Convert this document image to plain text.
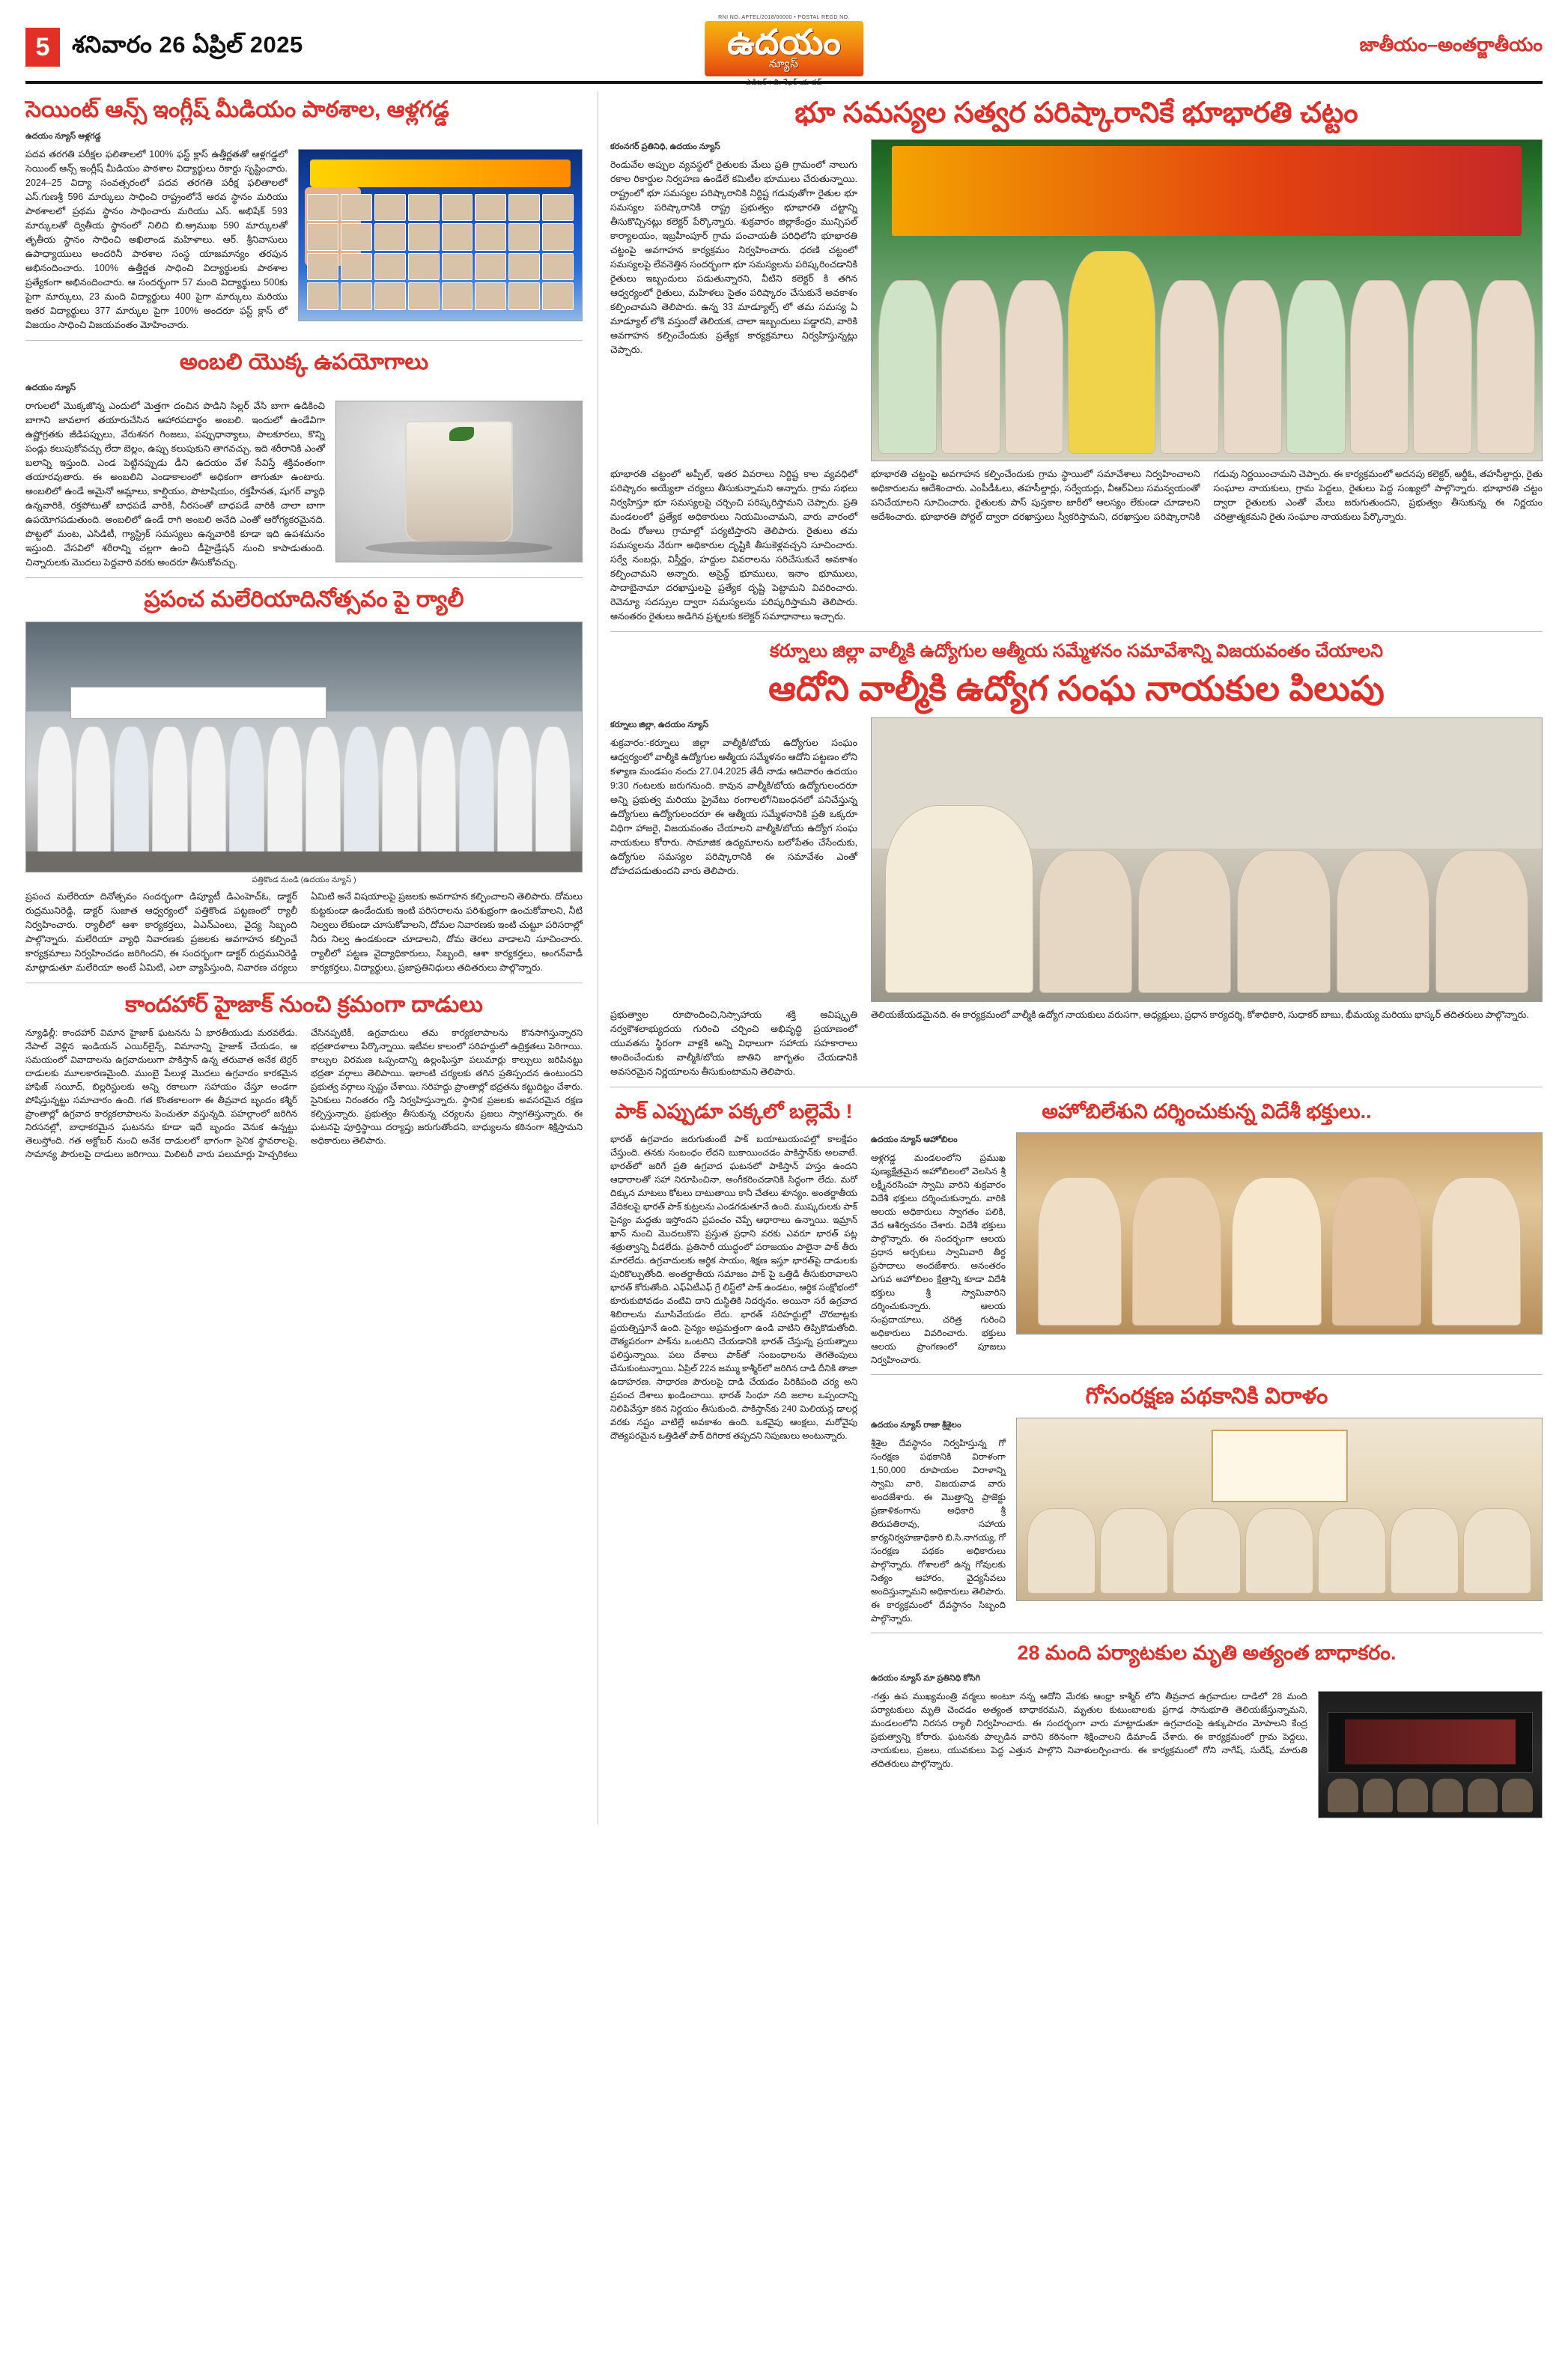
5 శనివారం 26 ఏప్రిల్ 2025
RNI NO. APTEL/2018/00000 • POSTAL REGD NO.
ఉదయం
న్యూస్
ఎడిటర్ : బి. శేఖర్ యాదవ్
జాతీయం–అంతర్జాతీయం
సెయింట్ ఆన్స్ ఇంగ్లీష్ మీడియం పాఠశాల, ఆళ్లగడ్డ
ఉదయం న్యూస్ ఆళ్లగడ్డ
పదవ తరగతి పరీక్షల ఫలితాలలో 100% ఫస్ట్ క్లాస్ ఉత్తీర్ణతతో ఆళ్లగడ్డలో సెయింట్ ఆన్స్ ఇంగ్లీష్ మీడియం పాఠశాల విద్యార్థులు రికార్డు సృష్టించారు. 2024–25 విద్యా సంవత్సరంలో పదవ తరగతి పరీక్ష ఫలితాలలో ఎస్.గుణశ్రీ 596 మార్కులు సాధించి రాష్ట్రంలోనే ఆరవ స్థానం మరియు పాఠశాలలో ప్రథమ స్థానం సాధించారు మరియు ఎస్. అభిషేక్ 593 మార్కులతో ద్వితీయ స్థానంలో నిలిచి బి.ఆ్రముఖ 590 మార్కులతో తృతీయ స్థానం సాధించి అఖిలాండ మహిళాలు. ఆర్. శ్రీనివాసులు ఉపాధ్యాయులు అందరినీ పాఠశాల సంస్థ యాజమాన్యం తరపున అభినందించారు. 100% ఉత్తీర్ణత సాధించి విద్యార్థులకు పాఠశాల ప్రత్యేకంగా అభినందించారు. ఆ సందర్భంగా 57 మంది విద్యార్థులు 500కు పైగా మార్కులు, 23 మంది విద్యార్థులు 400 పైగా మార్కులు మరియు ఇతర విద్యార్థులు 377 మార్కుల పైగా 100% అందరూ ఫస్ట్ క్లాస్ లో విజయం సాధించి విజయవంతం మోహించారు.
అంబలి యొక్క ఉపయోగాలు
ఉదయం న్యూస్
రాగులలో మొక్కజొన్న ఎందులో మెత్తగా దంచిన పొడిని సిల్లర్ వేసి బాగా ఉడికించి బాగాని జావలాగ తయారుచేసిన ఆహారపదార్థం అంబలి. ఇందులో ఉండేవిగా ఉష్ణోగ్రతకు జీడిపప్పులు, వేరుశనగ గింజలు, పప్పుధాన్యాలు, పాలకూరలు, కొన్ని పండ్లు కలుపుకోవచ్చు లేదా బెల్లం, ఉప్పు కలుపుకుని తాగవచ్చు. ఇది శరీరానికి ఎంతో బలాన్ని ఇస్తుంది. ఎండ పెట్టినప్పుడు డీని ఉదయం వేళ సేవిస్తే శక్తివంతంగా తయారవుతారు. ఈ అంబలిని ఎండాకాలంలో అధికంగా తాగుతూ ఉంటారు. అంబలిలో ఉండే అమైనో ఆమ్లాలు, కాల్షియం, పొటాషియం, రక్తహీనత, షుగర్ వ్యాధి ఉన్నవారికి, రక్తపోటుతో బాధపడే వారికి, నీరసంతో బాధపడే వారికి చాలా బాగా ఉపయోగపడుతుంది. అంబలిలో ఉండే రాగి అంబలి అనేది ఎంతో ఆరోగ్యకరమైనది. పొట్టలో మంట, ఎసిడిటీ, గ్యాస్ట్రిక్ సమస్యలు ఉన్నవారికి కూడా ఇది ఉపశమనం ఇస్తుంది. వేసవిలో శరీరాన్ని చల్లగా ఉంచి డీహైడ్రేషన్ నుంచి కాపాడుతుంది. చిన్నారులకు మొదలు పెద్దవారి వరకు అందరూ తీసుకోవచ్చు.
ప్రపంచ మలేరియాదినోత్సవం పై ర్యాలీ
పత్తికొండ నుండి (ఉదయం న్యూస్ )
ప్రపంచ మలేరియా దినోత్సవం సందర్భంగా డిప్యూటీ డిఎంహెచ్ఓ, డాక్టర్ రుద్రమునిరెడ్డి, డాక్టర్ సుజాత ఆధ్వర్యంలో పత్తికొండ పట్టణంలో ర్యాలీ నిర్వహించారు. ర్యాలీలో ఆశా కార్యకర్తలు, ఏఎన్ఎంలు, వైద్య సిబ్బంది పాల్గొన్నారు. మలేరియా వ్యాధి నివారణకు ప్రజలకు అవగాహన కల్పించే కార్యక్రమాలు నిర్వహించడం జరిగిందని, ఈ సందర్భంగా డాక్టర్ రుద్రమునిరెడ్డి మాట్లాడుతూ మలేరియా అంటే ఏమిటి, ఎలా వ్యాపిస్తుంది, నివారణ చర్యలు ఏమిటి అనే విషయాలపై ప్రజలకు అవగాహన కల్పించాలని తెలిపారు. దోమలు కుట్టకుండా ఉండేందుకు ఇంటి పరిసరాలను పరిశుభ్రంగా ఉంచుకోవాలని, నీటి నిల్వలు లేకుండా చూసుకోవాలని, దోమల నివారణకు ఇంటి చుట్టూ పరిసరాల్లో నీరు నిల్వ ఉండకుండా చూడాలని, దోమ తెరలు వాడాలని సూచించారు. ర్యాలీలో పట్టణ వైద్యాధికారులు, సిబ్బంది, ఆశా కార్యకర్తలు, అంగన్‌వాడీ కార్యకర్తలు, విద్యార్థులు, ప్రజాప్రతినిధులు తదితరులు పాల్గొన్నారు.
కాందహార్ హైజాక్ నుంచి క్రమంగా దాడులు
న్యూఢిల్లీ: కాందహార్ విమాన హైజాక్ ఘటనను ఏ భారతీయుడు మరవలేడు. నేపాల్ వెళ్లిన ఇండియన్ ఎయిర్‌లైన్స్, విమానాన్ని హైజాక్ చేయడం, ఆ సమయంలో వివాదాలను ఉగ్రవాదులుగా పాకిస్తాన్ ఉన్న తరువాత అనేక టెర్రర్ దాడులకు మూలకారణమైంది. ముంబై పేలుళ్ల మొదలు ఉగ్రవాదం కారకమైన హాఫిజ్ సయీద్, బిల్లరిస్టులకు అన్ని రకాలుగా సహాయం చేస్తూ అండగా పోషిస్తున్నట్టు సమాచారం ఉంది. గత కొంతకాలంగా ఈ తీవ్రవాద బృందం కశ్మీర్ ప్రాంతాల్లో ఉగ్రవాద కార్యకలాపాలను పెంచుతూ వస్తున్నది. పహల్గాంలో జరిగిన నిరసనల్లో, బాధాకరమైన ఘటనను కూడా ఇదే బృందం వెనుక ఉన్నట్టు తెలుస్తోంది. గత అక్టోబర్ నుంచి అనేక దాడులలో భాగంగా సైనిక స్థావరాలపై, సామాన్య పౌరులపై దాడులు జరిగాయి. మిలిటరీ వారు పలుమార్లు హెచ్చరికలు చేసినప్పటికీ, ఉగ్రవాదులు తమ కార్యకలాపాలను కొనసాగిస్తున్నారని భద్రతాదళాలు పేర్కొన్నాయి. ఇటీవల కాలంలో సరిహద్దులో ఉద్రిక్తతలు పెరిగాయి. కాల్పుల విరమణ ఒప్పందాన్ని ఉల్లంఘిస్తూ పలుమార్లు కాల్పులు జరిపినట్టు భద్రతా వర్గాలు తెలిపాయి. ఇలాంటి చర్యలకు తగిన ప్రతిస్పందన ఉంటుందని ప్రభుత్వ వర్గాలు స్పష్టం చేశాయి. సరిహద్దు ప్రాంతాల్లో భద్రతను కట్టుదిట్టం చేశారు. సైనికులు నిరంతరం గస్తీ నిర్వహిస్తున్నారు. స్థానిక ప్రజలకు అవసరమైన రక్షణ కల్పిస్తున్నారు. ప్రభుత్వం తీసుకున్న చర్యలను ప్రజలు స్వాగతిస్తున్నారు. ఈ ఘటనపై పూర్తిస్థాయి దర్యాప్తు జరుగుతోందని, బాధ్యులను కఠినంగా శిక్షిస్తామని అధికారులు తెలిపారు.
భూ సమస్యల సత్వర పరిష్కారానికే భూభారతి చట్టం
కరంనగర్ ప్రతినిధి, ఉదయం న్యూస్
రెండువేల అప్పుల వ్యవస్థలో రైతులకు మేలు ప్రతి గ్రామంలో నాలుగు రకాల రికార్డుల నిర్వహణ ఉండేలే కమిటీల భూములు చేరుతున్నాయి. రాష్ట్రంలో భూ సమస్యల పరిష్కారానికి నిర్దిష్ట గడువుతోగా రైతుల భూ సమస్యల పరిష్కారానికి రాష్ట్ర ప్రభుత్వం భూభారతి చట్టాన్ని తీసుకొచ్చినట్లు కలెక్టర్ పేర్కొన్నారు. శుక్రవారం జిల్లాకేంద్రం మున్సిపల్ కార్యాలయం, ఇబ్రహీంపూర్ గ్రామ పంచాయతీ పరిధిలోని భూభారతి చట్టంపై అవగాహన కార్యక్రమం నిర్వహించారు. ధరణి చట్టంలో సమస్యలపై లేవనెత్తిన సందర్భంగా భూ సమస్యలను పరిష్కరించడానికి రైతులు ఇబ్బందులు పడుతున్నారని, వీటిని కలెక్టర్ కి తగిన ఆధ్వర్యంలో రైతులు, మహిళలు సైతం పరిష్కారం చేసుకునే అవకాశం కల్పించామని తెలిపారు. ఉన్న 33 మాడ్యూల్స్ లో తమ సమస్య ఏ మాడ్యూల్ లోకి వస్తుందో తెలియక, చాలా ఇబ్బందులు పడ్డారని, వారికి అవగాహన కల్పించేందుకు ప్రత్యేక కార్యక్రమాలు నిర్వహిస్తున్నట్లు చెప్పారు.
భూభారతి చట్టంలో అప్పీల్, ఇతర వివరాలు నిర్దిష్ట కాల వ్యవధిలో పరిష్కారం అయ్యేలా చర్యలు తీసుకున్నామని అన్నారు. గ్రామ సభలు నిర్వహిస్తూ భూ సమస్యలపై చర్చించి పరిష్కరిస్తామని చెప్పారు. ప్రతి మండలంలో ప్రత్యేక అధికారులు నియమించామని, వారు వారంలో రెండు రోజులు గ్రామాల్లో పర్యటిస్తారని తెలిపారు. రైతులు తమ సమస్యలను నేరుగా అధికారుల దృష్టికి తీసుకెళ్లవచ్చని సూచించారు. సర్వే నంబర్లు, విస్తీర్ణం, హద్దుల వివరాలను సరిచేసుకునే అవకాశం కల్పించామని అన్నారు. అసైన్డ్ భూములు, ఇనాం భూములు, సాదాబైనామా దరఖాస్తులపై ప్రత్యేక దృష్టి పెట్టామని వివరించారు. రెవెన్యూ సదస్సుల ద్వారా సమస్యలను పరిష్కరిస్తామని తెలిపారు. అనంతరం రైతులు అడిగిన ప్రశ్నలకు కలెక్టర్ సమాధానాలు ఇచ్చారు.
భూభారతి చట్టంపై అవగాహన కల్పించేందుకు గ్రామ స్థాయిలో సమావేశాలు నిర్వహించాలని అధికారులను ఆదేశించారు. ఎంపీడీఓలు, తహసీల్దార్లు, సర్వేయర్లు, వీఆర్ఏలు సమన్వయంతో పనిచేయాలని సూచించారు. రైతులకు పాస్ పుస్తకాల జారీలో ఆలస్యం లేకుండా చూడాలని ఆదేశించారు. భూభారతి పోర్టల్ ద్వారా దరఖాస్తులు స్వీకరిస్తామని, దరఖాస్తుల పరిష్కారానికి గడువు నిర్ణయించామని చెప్పారు. ఈ కార్యక్రమంలో అదనపు కలెక్టర్, ఆర్డీఓ, తహసీల్దార్లు, రైతు సంఘాల నాయకులు, గ్రామ పెద్దలు, రైతులు పెద్ద సంఖ్యలో పాల్గొన్నారు. భూభారతి చట్టం ద్వారా రైతులకు ఎంతో మేలు జరుగుతుందని, ప్రభుత్వం తీసుకున్న ఈ నిర్ణయం చరిత్రాత్మకమని రైతు సంఘాల నాయకులు పేర్కొన్నారు.
కర్నూలు జిల్లా వాల్మీకి ఉద్యోగుల ఆత్మీయ సమ్మేళనం సమావేశాన్ని విజయవంతం చేయాలని
ఆదోని వాల్మీకి ఉద్యోగ సంఘ నాయకుల పిలుపు
కర్నూలు జిల్లా, ఉదయం న్యూస్
శుక్రవారం:-కర్నూలు జిల్లా వాల్మీకి/బోయ ఉద్యోగుల సంఘం ఆధ్వర్యంలో వాల్మీకి ఉద్యోగుల ఆత్మీయ సమ్మేళనం ఆదోని పట్టణం లోని కళ్యాణ మండపం నందు 27.04.2025 తేదీ నాడు ఆదివారం ఉదయం 9:30 గంటలకు జరుగనుంది. కావున వాల్మీకి/బోయ ఉద్యోగులందరూ అన్ని ప్రభుత్వ మరియు ప్రైవేటు రంగాలలో/నిబంధనలో పనిచేస్తున్న ఉద్యోగులు ఉద్యోగులందరూ ఈ ఆత్మీయ సమ్మేళనానికి ప్రతి ఒక్కరూ విధిగా హాజరై, విజయవంతం చేయాలని వాల్మీకి/బోయ ఉద్యోగ సంఘ నాయకులు కోరారు. సామాజిక ఉద్యమాలను బలోపేతం చేసేందుకు, ఉద్యోగుల సమస్యల పరిష్కారానికి ఈ సమావేశం ఎంతో దోహదపడుతుందని వారు తెలిపారు.
ప్రభుత్వాల రూపొందించి,నిస్సాహాయ శక్తి ఆవిష్కృతి నర్వకౌశలాభ్యుదయ గురించి చర్చించి అభివృద్ధి ప్రయాణంలో యువతను స్థిరంగా వాళ్లకి అన్ని విధాలుగా సహాయ సహకారాలు అందించేందుకు వాల్మీకి/బోయ జాతిని జాగృతం చేయడానికి అవసరమైన నిర్ణయాలను తీసుకుంటామని తెలిపారు.
తెలియజేయడమైనది. ఈ కార్యక్రమంలో వాల్మీకి ఉద్యోగ నాయకులు వరుసగా, అధ్యక్షులు, ప్రధాన కార్యదర్శి, కోశాధికారి, సుధాకర్ బాబు, భీమయ్య మరియు భాస్కర్ తదితరులు పాల్గొన్నారు.
పాక్ ఎప్పుడూ పక్కలో బల్లెమే !
భారత్ ఉగ్రవాదం జరుగుతుంటే పాక్ బయాటుయంపల్లో కాలక్షేపం చేస్తుంది. తనకు సంబంధం లేదని బుకాయించడం పాకిస్తాన్‌కు అలవాటే. భారత్‌లో జరిగే ప్రతి ఉగ్రవాద ఘటనలో పాకిస్తాన్ హస్తం ఉందని ఆధారాలతో సహా నిరూపించినా, అంగీకరించడానికి సిద్ధంగా లేదు. మరో దిక్కున మాటలు కోటలు దాటుతాయి కానీ చేతలు శూన్యం. అంతర్జాతీయ వేదికలపై భారత్ పాక్ కుట్రలను ఎండగడుతూనే ఉంది. ముష్కరులకు పాక్ సైన్యం మద్దతు ఇస్తోందని ప్రపంచం చెప్పే ఆధారాలు ఉన్నాయి. ఇమ్రాన్ ఖాన్ నుంచి మొదలుకొని ప్రస్తుత ప్రధాని వరకు ఎవరూ భారత్ పట్ల శత్రుత్వాన్ని వీడలేదు. ప్రతిసారీ యుద్ధంలో పరాజయం పాలైనా పాక్ తీరు మారలేదు. ఉగ్రవాదులకు ఆర్థిక సాయం, శిక్షణ ఇస్తూ భారత్‌పై దాడులకు పురికొల్పుతోంది. అంతర్జాతీయ సమాజం పాక్ పై ఒత్తిడి తీసుకురావాలని భారత్ కోరుతోంది. ఎఫ్ఏటీఎఫ్ గ్రే లిస్ట్‌లో పాక్ ఉండటం, ఆర్థిక సంక్షోభంలో కూరుకుపోవడం వంటివి దాని దుస్థితికి నిదర్శనం. అయినా సరే ఉగ్రవాద శిబిరాలను మూసివేయడం లేదు. భారత్ సరిహద్దుల్లో చొరబాట్లకు ప్రయత్నిస్తూనే ఉంది. సైన్యం అప్రమత్తంగా ఉండి వాటిని తిప్పికొడుతోంది. దౌత్యపరంగా పాక్‌ను ఒంటరిని చేయడానికి భారత్ చేస్తున్న ప్రయత్నాలు ఫలిస్తున్నాయి. పలు దేశాలు పాక్‌తో సంబంధాలను తెగతెంపులు చేసుకుంటున్నాయి. ఏప్రిల్ 22న జమ్ము కాశ్మీర్‌లో జరిగిన దాడి దీనికి తాజా ఉదాహరణ. సాధారణ పౌరులపై దాడి చేయడం పిరికిపంది చర్య అని ప్రపంచ దేశాలు ఖండించాయి. భారత్ సింధూ నది జలాల ఒప్పందాన్ని నిలిపివేస్తూ కఠిన నిర్ణయం తీసుకుంది. పాకిస్తాన్‌కు 240 మిలియన్ల డాలర్ల వరకు నష్టం వాటిల్లే అవకాశం ఉంది. ఒకవైపు ఆంక్షలు, మరోవైపు దౌత్యపరమైన ఒత్తిడితో పాక్ దిగిరాక తప్పదని నిపుణులు అంటున్నారు.
అహోబిలేశుని దర్శించుకున్న విదేశీ భక్తులు..
ఉదయం న్యూస్ ఆహోబిలం
ఆళ్లగడ్డ మండలంలోని ప్రముఖ పుణ్యక్షేత్రమైన అహోబిలంలో వెలసిన శ్రీ లక్ష్మీనరసింహ స్వామి వారిని శుక్రవారం విదేశీ భక్తులు దర్శించుకున్నారు. వారికి ఆలయ అధికారులు స్వాగతం పలికి, వేద ఆశీర్వచనం చేశారు. విదేశీ భక్తులు పాల్గొన్నారు. ఈ సందర్భంగా ఆలయ ప్రధాన అర్చకులు స్వామివారి తీర్థ ప్రసాదాలు అందజేశారు. అనంతరం ఎగువ అహోబిలం క్షేత్రాన్ని కూడా విదేశీ భక్తులు శ్రీ స్వామివారిని దర్శించుకున్నారు. ఆలయ సంప్రదాయాలు, చరిత్ర గురించి అధికారులు వివరించారు. భక్తులు ఆలయ ప్రాంగణంలో పూజలు నిర్వహించారు.
గోసంరక్షణ పథకానికి విరాళం
ఉదయం న్యూస్ రాజా శ్రీశైలం
శ్రీశైల దేవస్థానం నిర్వహిస్తున్న గో సంరక్షణ పథకానికి విరాళంగా 1,50,000 రూపాయల విరాళాన్ని స్వామి వారి, విజయవాడ వారు అందజేశారు. ఈ మొత్తాన్ని ప్రాజెక్టు ప్రణాళికంగాను అధికారి శ్రీ తిరుపతిరావు, సహాయ కార్యనిర్వహణాధికారి బి.సి.నాగయ్య, గో సంరక్షణ పథకం అధికారులు పాల్గొన్నారు. గోశాలలో ఉన్న గోవులకు నిత్యం ఆహారం, వైద్యసేవలు అందిస్తున్నామని అధికారులు తెలిపారు. ఈ కార్యక్రమంలో దేవస్థానం సిబ్బంది పాల్గొన్నారు.
28 మంది పర్యాటకుల మృతి అత్యంత బాధాకరం.
ఉదయం న్యూస్ మా ప్రతినిధి కోసిగి
-గత్తు ఉప ముఖ్యమంత్రి వర్మలు అంటూ నన్న ఆదోని మేరకు ఆంధ్రా కాశ్మీర్ లోని తీవ్రవాద ఉగ్రవాదుల దాడిలో 28 మంది పర్యాటకులు మృతి చెందడం అత్యంత బాధాకరమని, మృతుల కుటుంబాలకు ప్రగాఢ సానుభూతి తెలియజేస్తున్నామని, మండలంలోని నిరసన ర్యాలీ నిర్వహించారు. ఈ సందర్భంగా వారు మాట్లాడుతూ ఉగ్రవాదంపై ఉక్కుపాదం మోపాలని కేంద్ర ప్రభుత్వాన్ని కోరారు. ఘటనకు పాల్పడిన వారిని కఠినంగా శిక్షించాలని డిమాండ్ చేశారు. ఈ కార్యక్రమంలో గ్రామ పెద్దలు, నాయకులు, ప్రజలు, యువకులు పెద్ద ఎత్తున పాల్గొని నివాళులర్పించారు. ఈ కార్యక్రమంలో గోని నాగేష్, సురేష్, మారుతి తదితరులు పాల్గొన్నారు.
